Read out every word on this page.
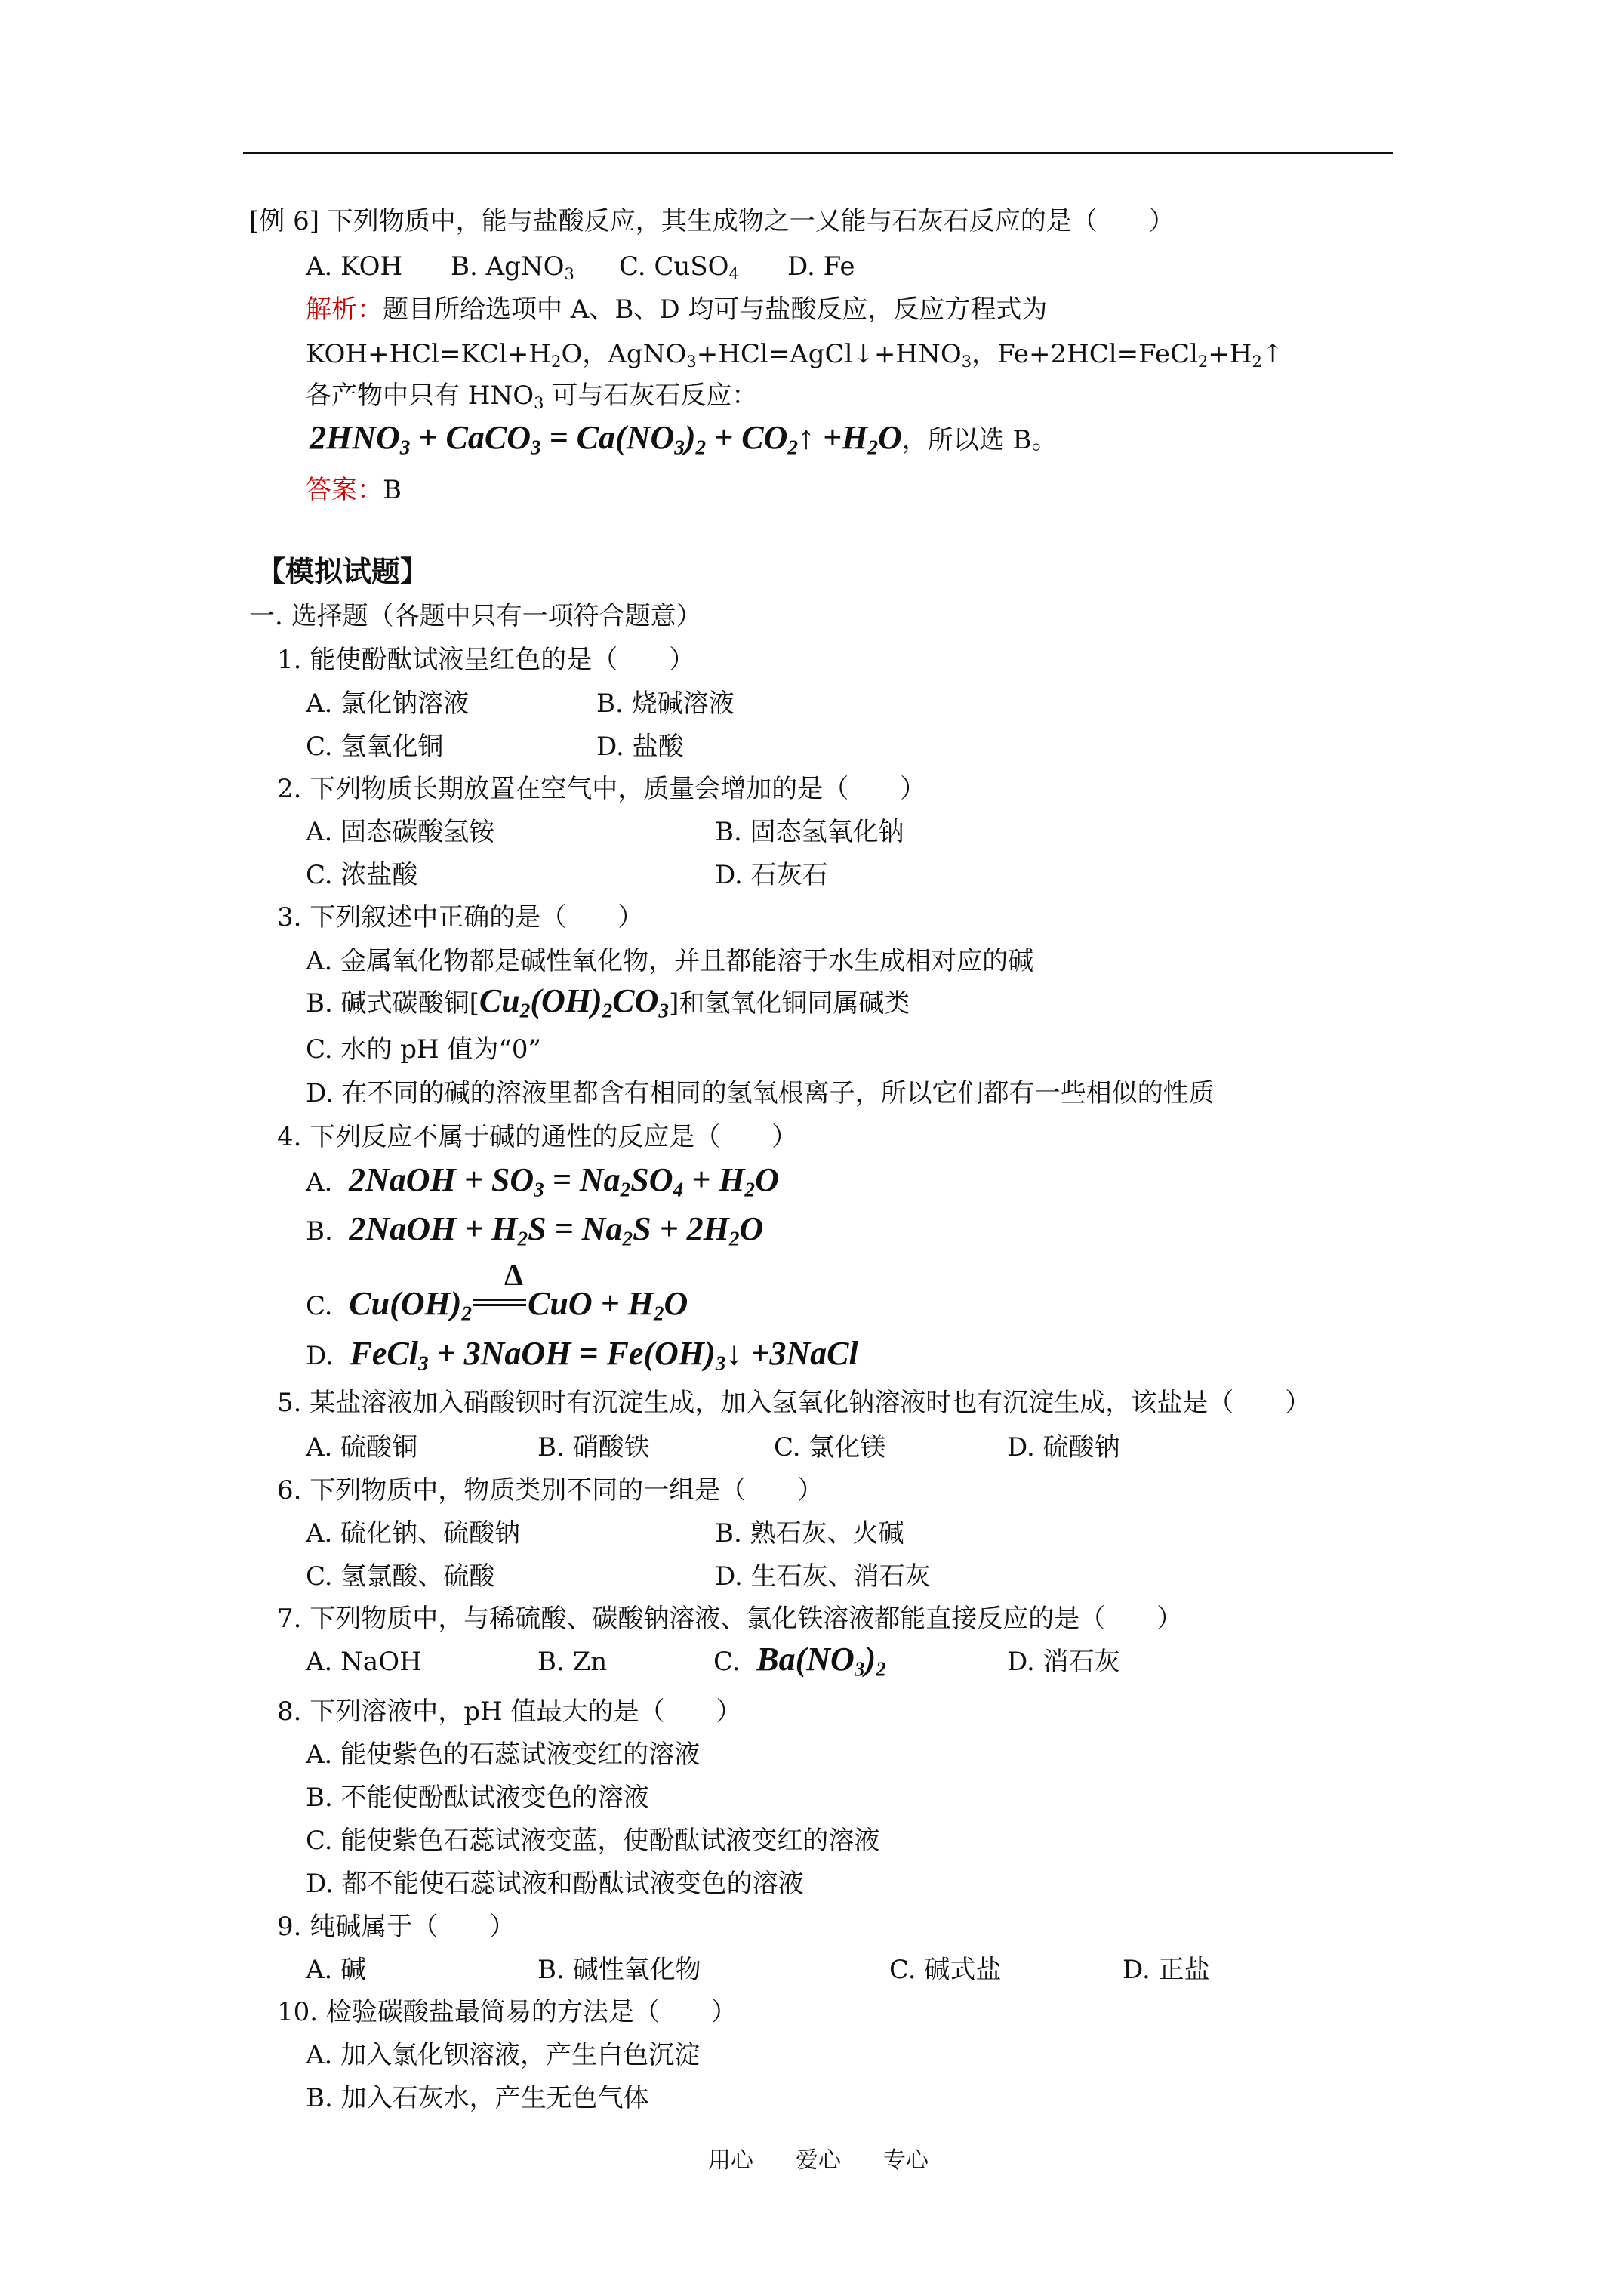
[例 6] 下列物质中，能与盐酸反应，其生成物之一又能与石灰石反应的是（　　）
A. KOH B. AgNO3 C. CuSO4 D. Fe
解析：题目所给选项中 A、B、D 均可与盐酸反应，反应方程式为
KOH+HCl=KCl+H2O，AgNO3+HCl=AgCl↓+HNO3，Fe+2HCl=FeCl2+H2↑
各产物中只有 HNO3 可与石灰石反应：
2HNO3 + CaCO3 = Ca(NO3)2 + CO2↑ +H2O，所以选 B。
答案：B
【模拟试题】
一. 选择题（各题中只有一项符合题意）
1. 能使酚酞试液呈红色的是（　　）
A. 氯化钠溶液	B. 烧碱溶液
C. 氢氧化铜	D. 盐酸
2. 下列物质长期放置在空气中，质量会增加的是（　　）
A. 固态碳酸氢铵	B. 固态氢氧化钠
C. 浓盐酸	D. 石灰石
3. 下列叙述中正确的是（　　）
A. 金属氧化物都是碱性氧化物，并且都能溶于水生成相对应的碱
B. 碱式碳酸铜[Cu2(OH)2CO3]和氢氧化铜同属碱类
C. 水的 pH 值为“0”
D. 在不同的碱的溶液里都含有相同的氢氧根离子，所以它们都有一些相似的性质
4. 下列反应不属于碱的通性的反应是（　　）
A. 2NaOH + SO3 = Na2SO4 + H2O
B. 2NaOH + H2S = Na2S + 2H2O
Δ
C. Cu(OH)2 CuO + H2O
D. FeCl3 + 3NaOH = Fe(OH)3↓ +3NaCl
5. 某盐溶液加入硝酸钡时有沉淀生成，加入氢氧化钠溶液时也有沉淀生成，该盐是（　　）
A. 硫酸铜	B. 硝酸铁	C. 氯化镁	D. 硫酸钠
6. 下列物质中，物质类别不同的一组是（　　）
A. 硫化钠、硫酸钠	B. 熟石灰、火碱
C. 氢氯酸、硫酸	D. 生石灰、消石灰
7. 下列物质中，与稀硫酸、碳酸钠溶液、氯化铁溶液都能直接反应的是（　　）
A. NaOH	B. Zn	C. Ba(NO3)2	D. 消石灰
8. 下列溶液中，pH 值最大的是（　　）
A. 能使紫色的石蕊试液变红的溶液
B. 不能使酚酞试液变色的溶液
C. 能使紫色石蕊试液变蓝，使酚酞试液变红的溶液
D. 都不能使石蕊试液和酚酞试液变色的溶液
9. 纯碱属于（　　）
A. 碱	B. 碱性氧化物	C. 碱式盐	D. 正盐
10. 检验碳酸盐最简易的方法是（　　）
A. 加入氯化钡溶液，产生白色沉淀
B. 加入石灰水，产生无色气体
用心 爱心 专心
